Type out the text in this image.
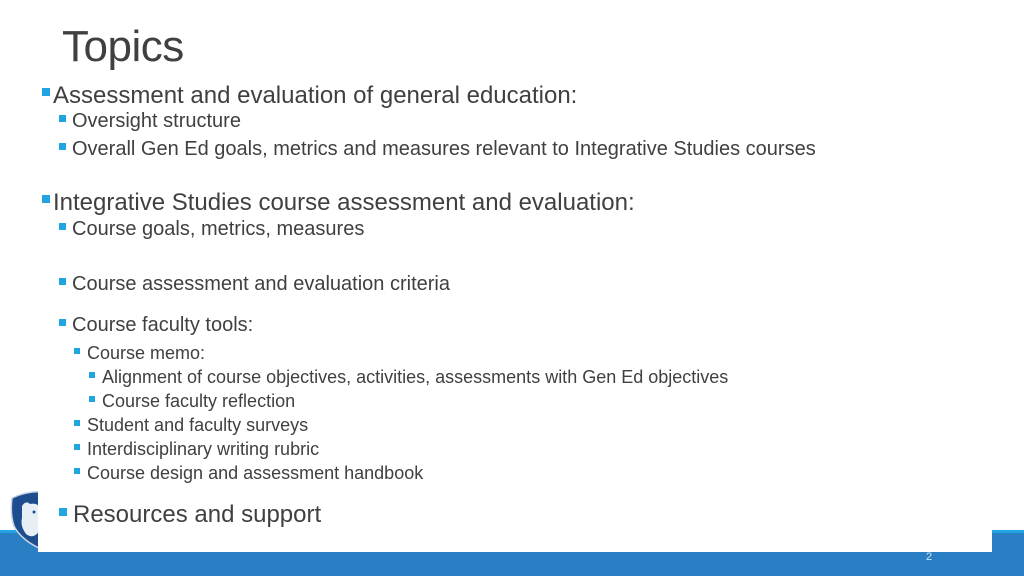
Topics
Assessment and evaluation of general education:
Oversight structure
Overall Gen Ed goals, metrics and measures relevant to Integrative Studies courses
Integrative Studies course assessment and evaluation:
Course goals, metrics, measures
Course assessment and evaluation criteria
Course faculty tools:
Course memo:
Alignment of course objectives, activities, assessments with Gen Ed objectives
Course faculty reflection
Student and faculty surveys
Interdisciplinary writing rubric
Course design and assessment handbook
Resources and support
2
